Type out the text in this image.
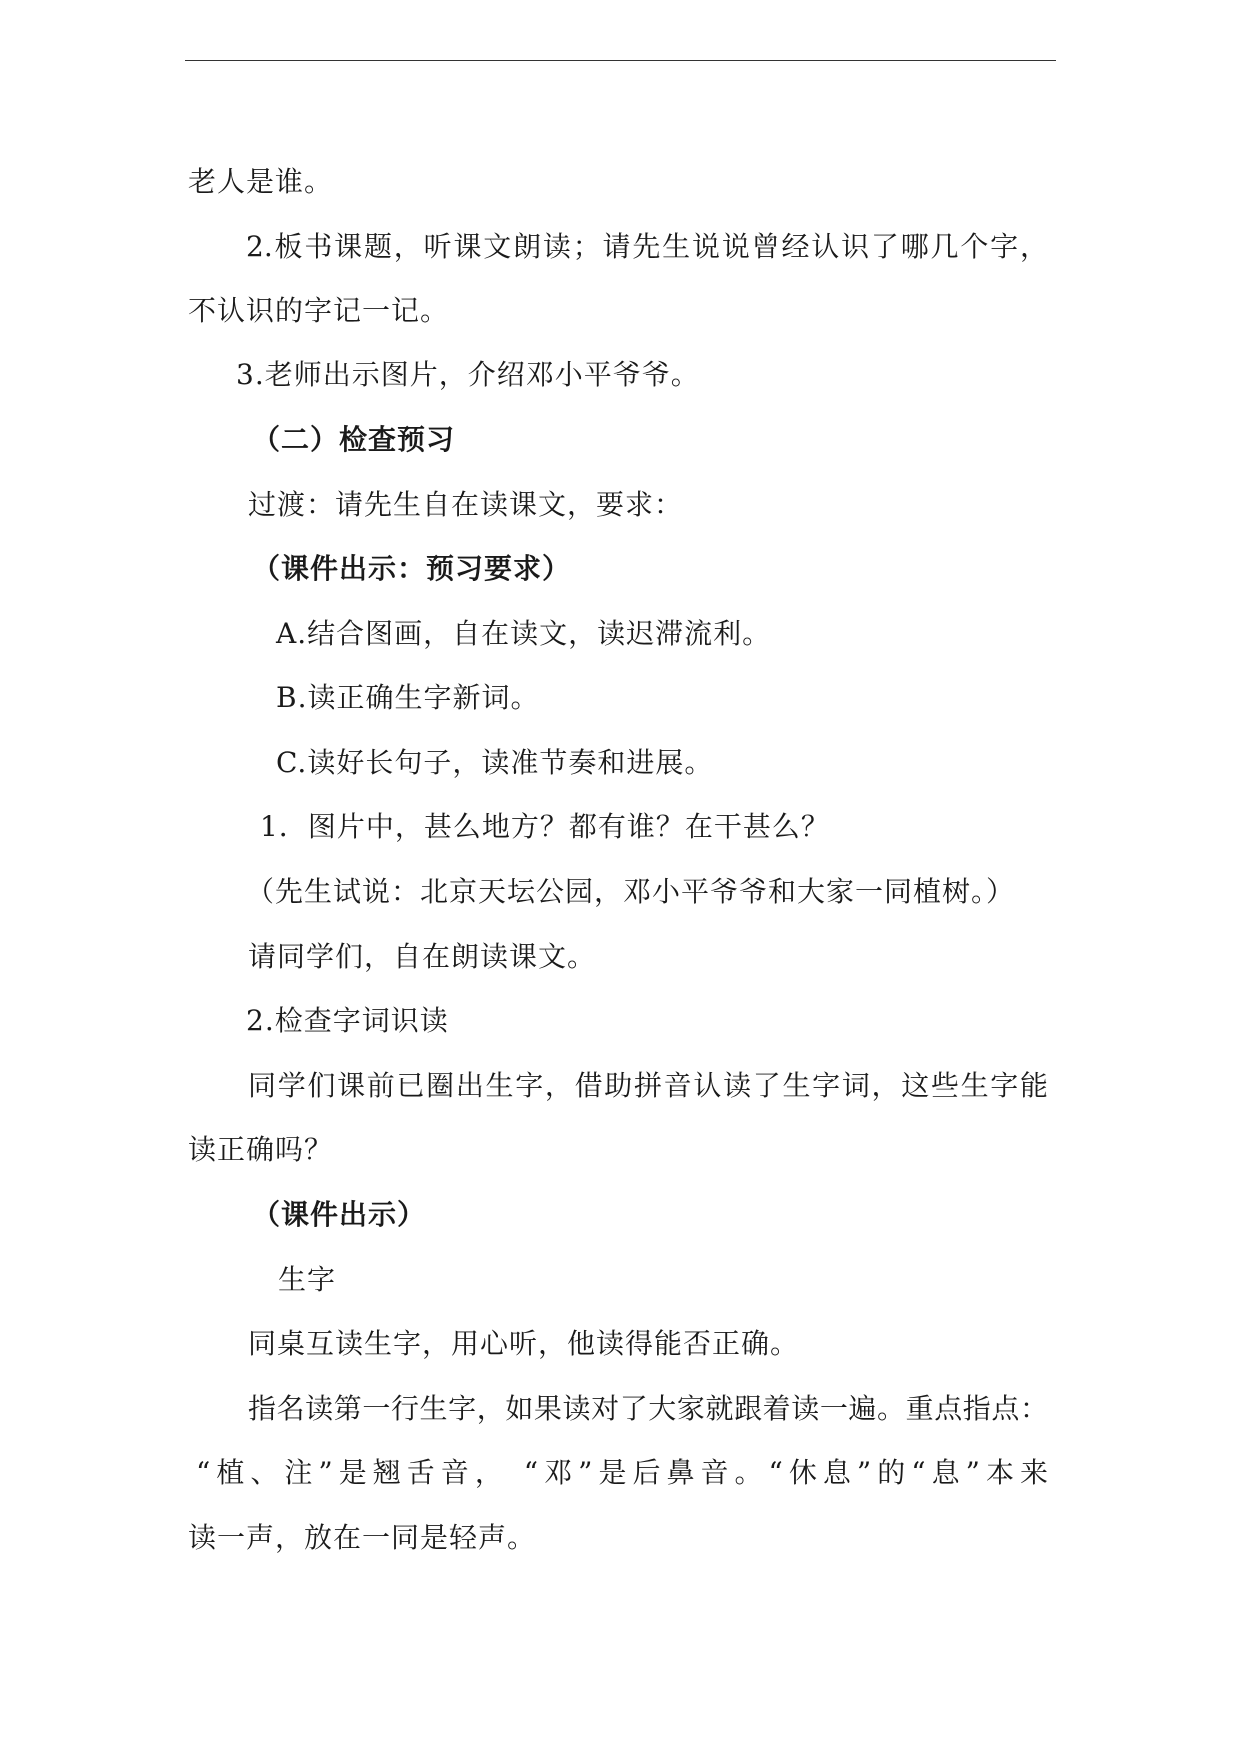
老人是谁。
2.板书课题，听课文朗读；请先生说说曾经认识了哪几个字，
不认识的字记一记。
3.老师出示图片，介绍邓小平爷爷。
（二）检查预习
过渡：请先生自在读课文，要求：
（课件出示：预习要求）
A.结合图画，自在读文，读迟滞流利。
B.读正确生字新词。
C.读好长句子，读准节奏和进展。
1．图片中，甚么地方？都有谁？在干甚么？
（先生试说：北京天坛公园，邓小平爷爷和大家一同植树。）
请同学们，自在朗读课文。
2.检查字词识读
同学们课前已圈出生字，借助拼音认读了生字词，这些生字能
读正确吗？
（课件出示）
生字
同桌互读生字，用心听，他读得能否正确。
指名读第一行生字，如果读对了大家就跟着读一遍。重点指点：
“植、注”是翘舌音， “邓”是后鼻音。“休息”的“息”本来
读一声，放在一同是轻声。
